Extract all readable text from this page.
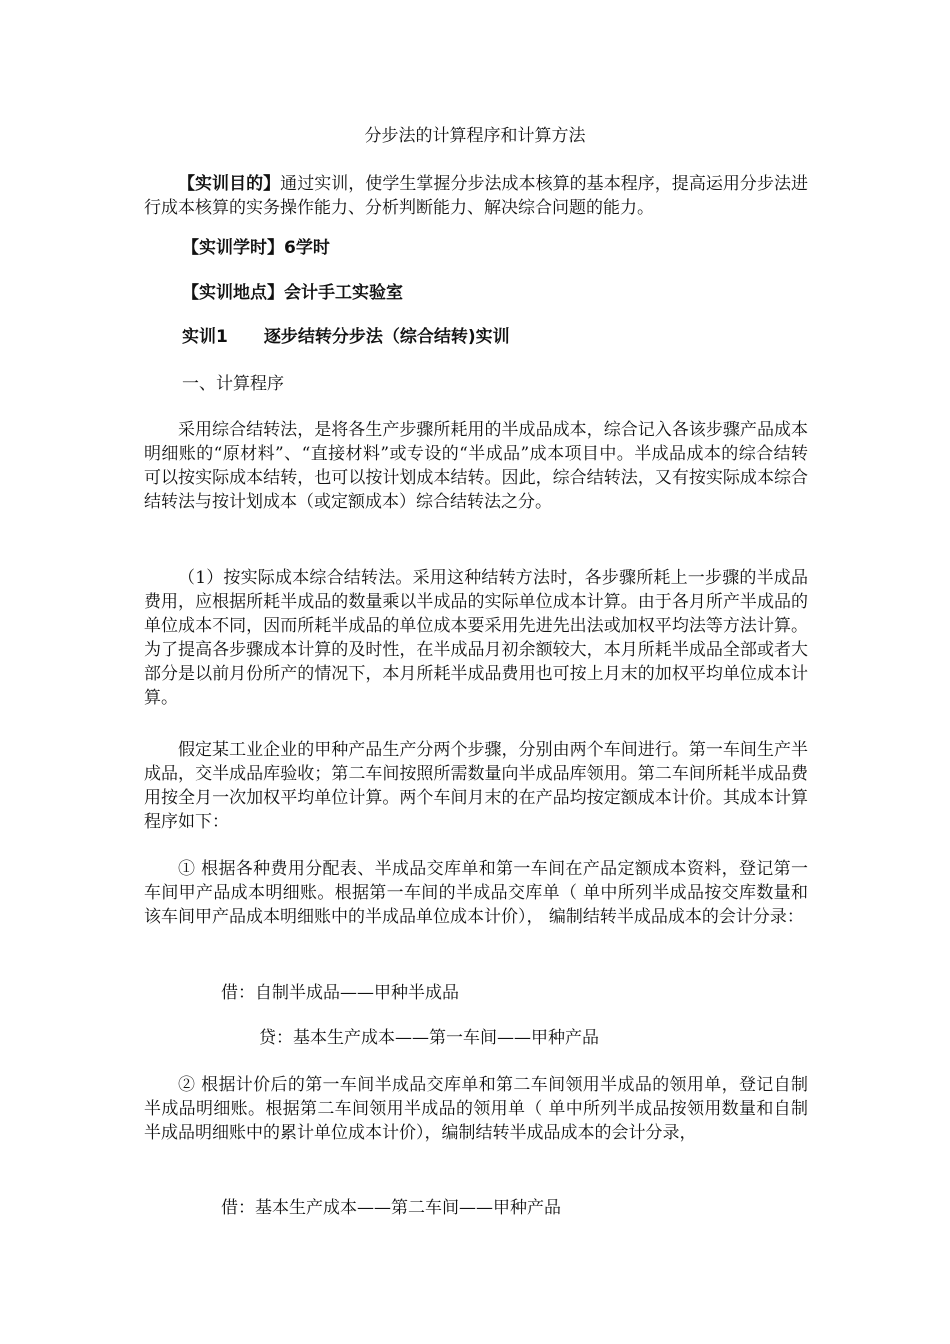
分步法的计算程序和计算方法

【实训目的】通过实训，使学生掌握分步法成本核算的基本程序，提高运用分步法进行成本核算的实务操作能力、分析判断能力、解决综合问题的能力。

【实训学时】6学时
【实训地点】会计手工实验室
实训1 逐步结转分步法（综合结转)实训
一、计算程序

采用综合结转法，是将各生产步骤所耗用的半成品成本，综合记入各该步骤产品成本明细账的“原材料”、“直接材料”或专设的“半成品”成本项目中。半成品成本的综合结转可以按实际成本结转，也可以按计划成本结转。因此，综合结转法，又有按实际成本综合结转法与按计划成本（或定额成本）综合结转法之分。

（1）按实际成本综合结转法。采用这种结转方法时，各步骤所耗上一步骤的半成品费用，应根据所耗半成品的数量乘以半成品的实际单位成本计算。由于各月所产半成品的单位成本不同，因而所耗半成品的单位成本要采用先进先出法或加权平均法等方法计算。为了提高各步骤成本计算的及时性，在半成品月初余额较大，本月所耗半成品全部或者大部分是以前月份所产的情况下，本月所耗半成品费用也可按上月末的加权平均单位成本计算。

假定某工业企业的甲种产品生产分两个步骤，分别由两个车间进行。第一车间生产半成品，交半成品库验收；第二车间按照所需数量向半成品库领用。第二车间所耗半成品费用按全月一次加权平均单位计算。两个车间月末的在产品均按定额成本计价。其成本计算程序如下：

① 根据各种费用分配表、半成品交库单和第一车间在产品定额成本资料，登记第一车间甲产品成本明细账。根据第一车间的半成品交库单（ 单中所列半成品按交库数量和该车间甲产品成本明细账中的半成品单位成本计价）， 编制结转半成品成本的会计分录：

借：自制半成品——甲种半成品
贷：基本生产成本——第一车间——甲种产品

② 根据计价后的第一车间半成品交库单和第二车间领用半成品的领用单，登记自制半成品明细账。根据第二车间领用半成品的领用单（ 单中所列半成品按领用数量和自制半成品明细账中的累计单位成本计价），编制结转半成品成本的会计分录，

借：基本生产成本——第二车间——甲种产品
